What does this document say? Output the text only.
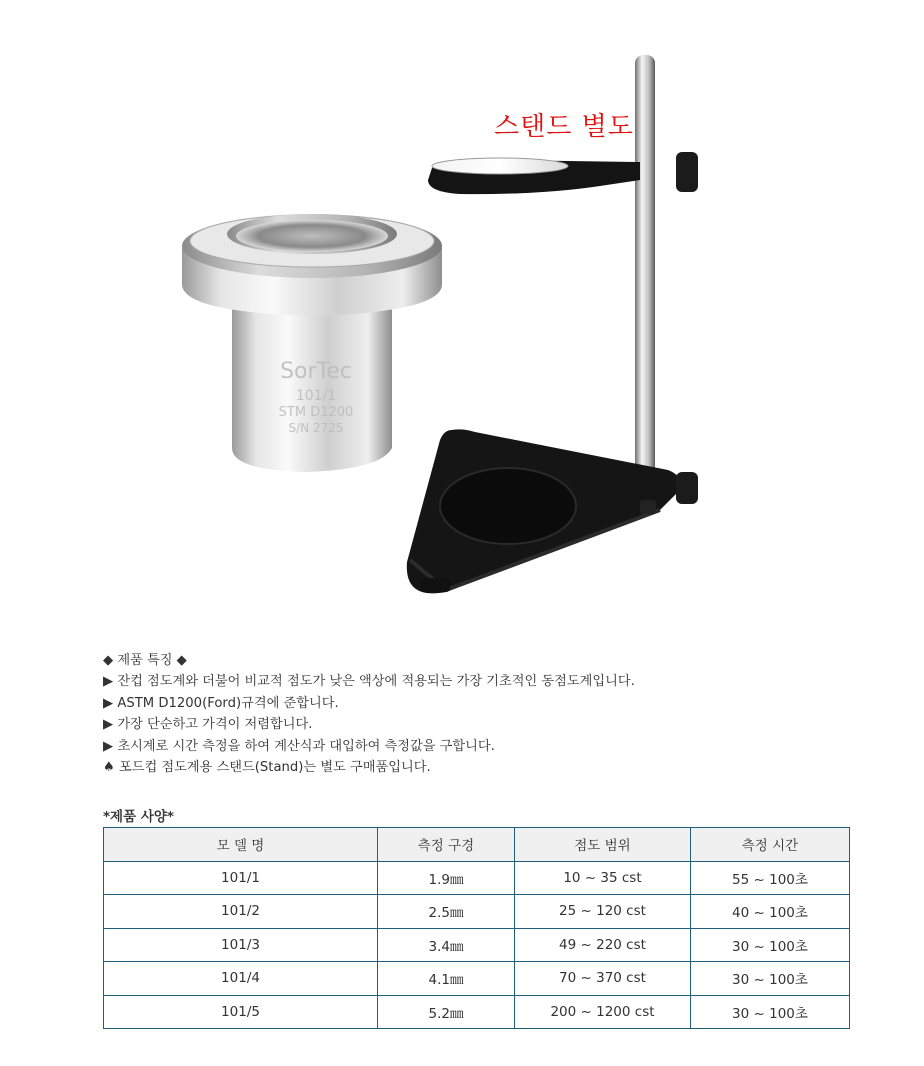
SorTec
101/1
STM D1200
S/N 2725
스탠드 별도
◆ 제품 특징 ◆
▶ 잔컵 점도계와 더불어 비교적 점도가 낮은 액상에 적용되는 가장 기초적인 동점도계입니다.
▶ ASTM D1200(Ford)규격에 준합니다.
▶ 가장 단순하고 가격이 저렴합니다.
▶ 초시계로 시간 측정을 하여 계산식과 대입하여 측정값을 구합니다.
♠ 포드컵 점도계용 스탠드(Stand)는 별도 구매품입니다.
*제품 사양*
모 델 명	측정 구경	점도 범위	측정 시간
101/1	1.9㎜	10 ~ 35 cst	55 ~ 100초
101/2	2.5㎜	25 ~ 120 cst	40 ~ 100초
101/3	3.4㎜	49 ~ 220 cst	30 ~ 100초
101/4	4.1㎜	70 ~ 370 cst	30 ~ 100초
101/5	5.2㎜	200 ~ 1200 cst	30 ~ 100초
